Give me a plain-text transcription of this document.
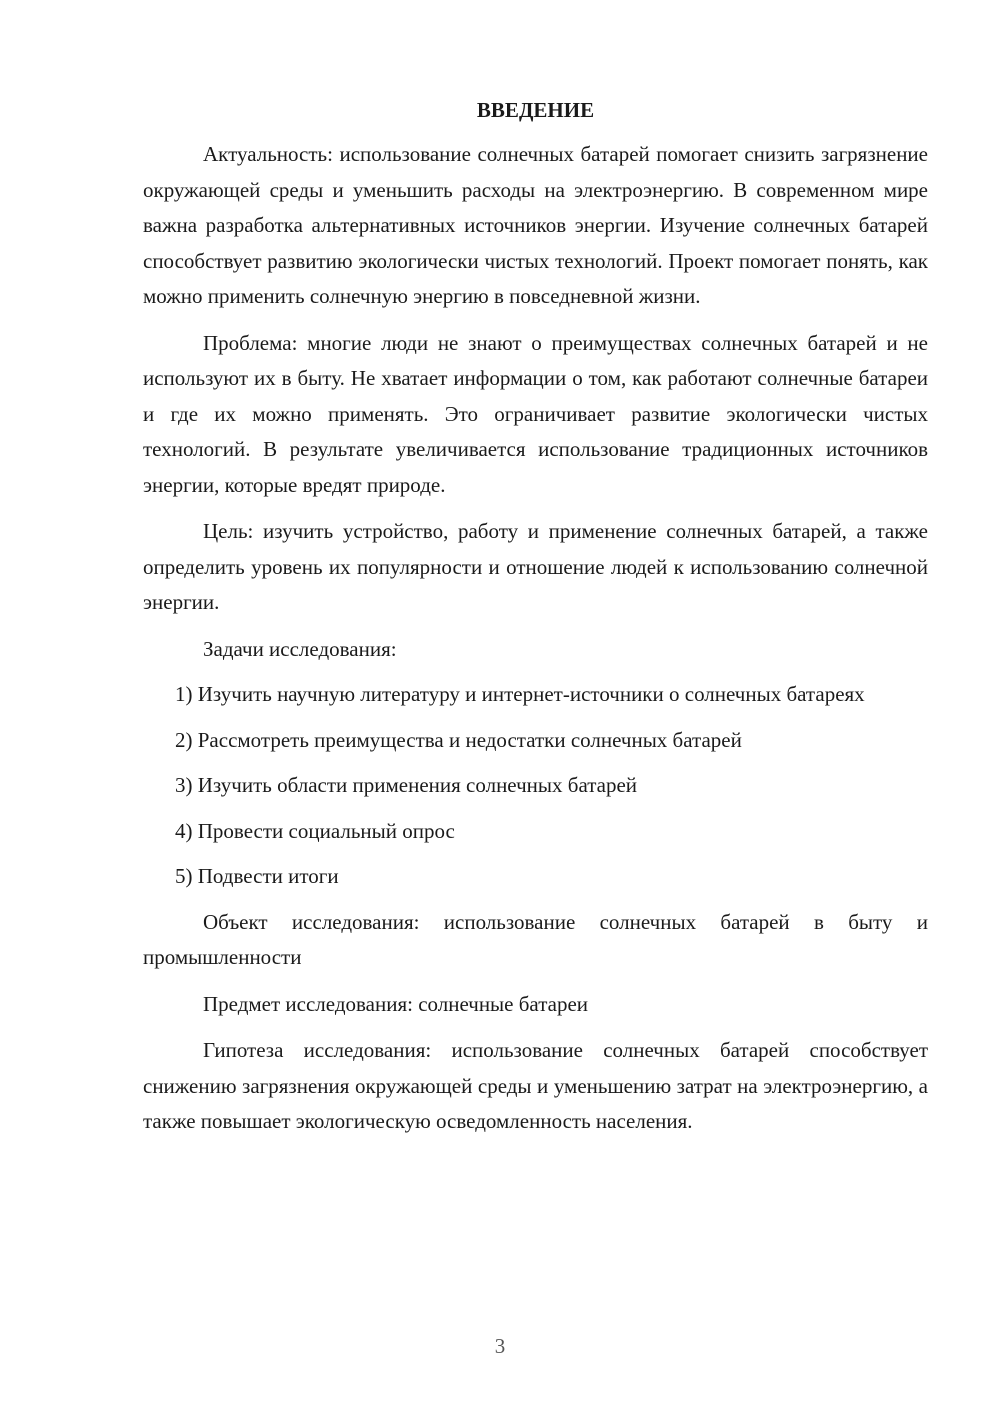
ВВЕДЕНИЕ

Актуальность: использование солнечных батарей помогает снизить загрязнение окружающей среды и уменьшить расходы на электроэнергию. В современном мире важна разработка альтернативных источников энергии. Изучение солнечных батарей способствует развитию экологически чистых технологий. Проект помогает понять, как можно применить солнечную энергию в повседневной жизни.

Проблема: многие люди не знают о преимуществах солнечных батарей и не используют их в быту. Не хватает информации о том, как работают солнечные батареи и где их можно применять. Это ограничивает развитие экологически чистых технологий. В результате увеличивается использование традиционных источников энергии, которые вредят природе.

Цель: изучить устройство, работу и применение солнечных батарей, а также определить уровень их популярности и отношение людей к использованию солнечной энергии.

Задачи исследования:

1) Изучить научную литературу и интернет-источники о солнечных батареях

2) Рассмотреть преимущества и недостатки солнечных батарей

3) Изучить области применения солнечных батарей

4) Провести социальный опрос

5) Подвести итоги

Объект исследования: использование солнечных батарей в быту и промышленности

Предмет исследования: солнечные батареи

Гипотеза исследования: использование солнечных батарей способствует снижению загрязнения окружающей среды и уменьшению затрат на электроэнергию, а также повышает экологическую осведомленность населения.

3
